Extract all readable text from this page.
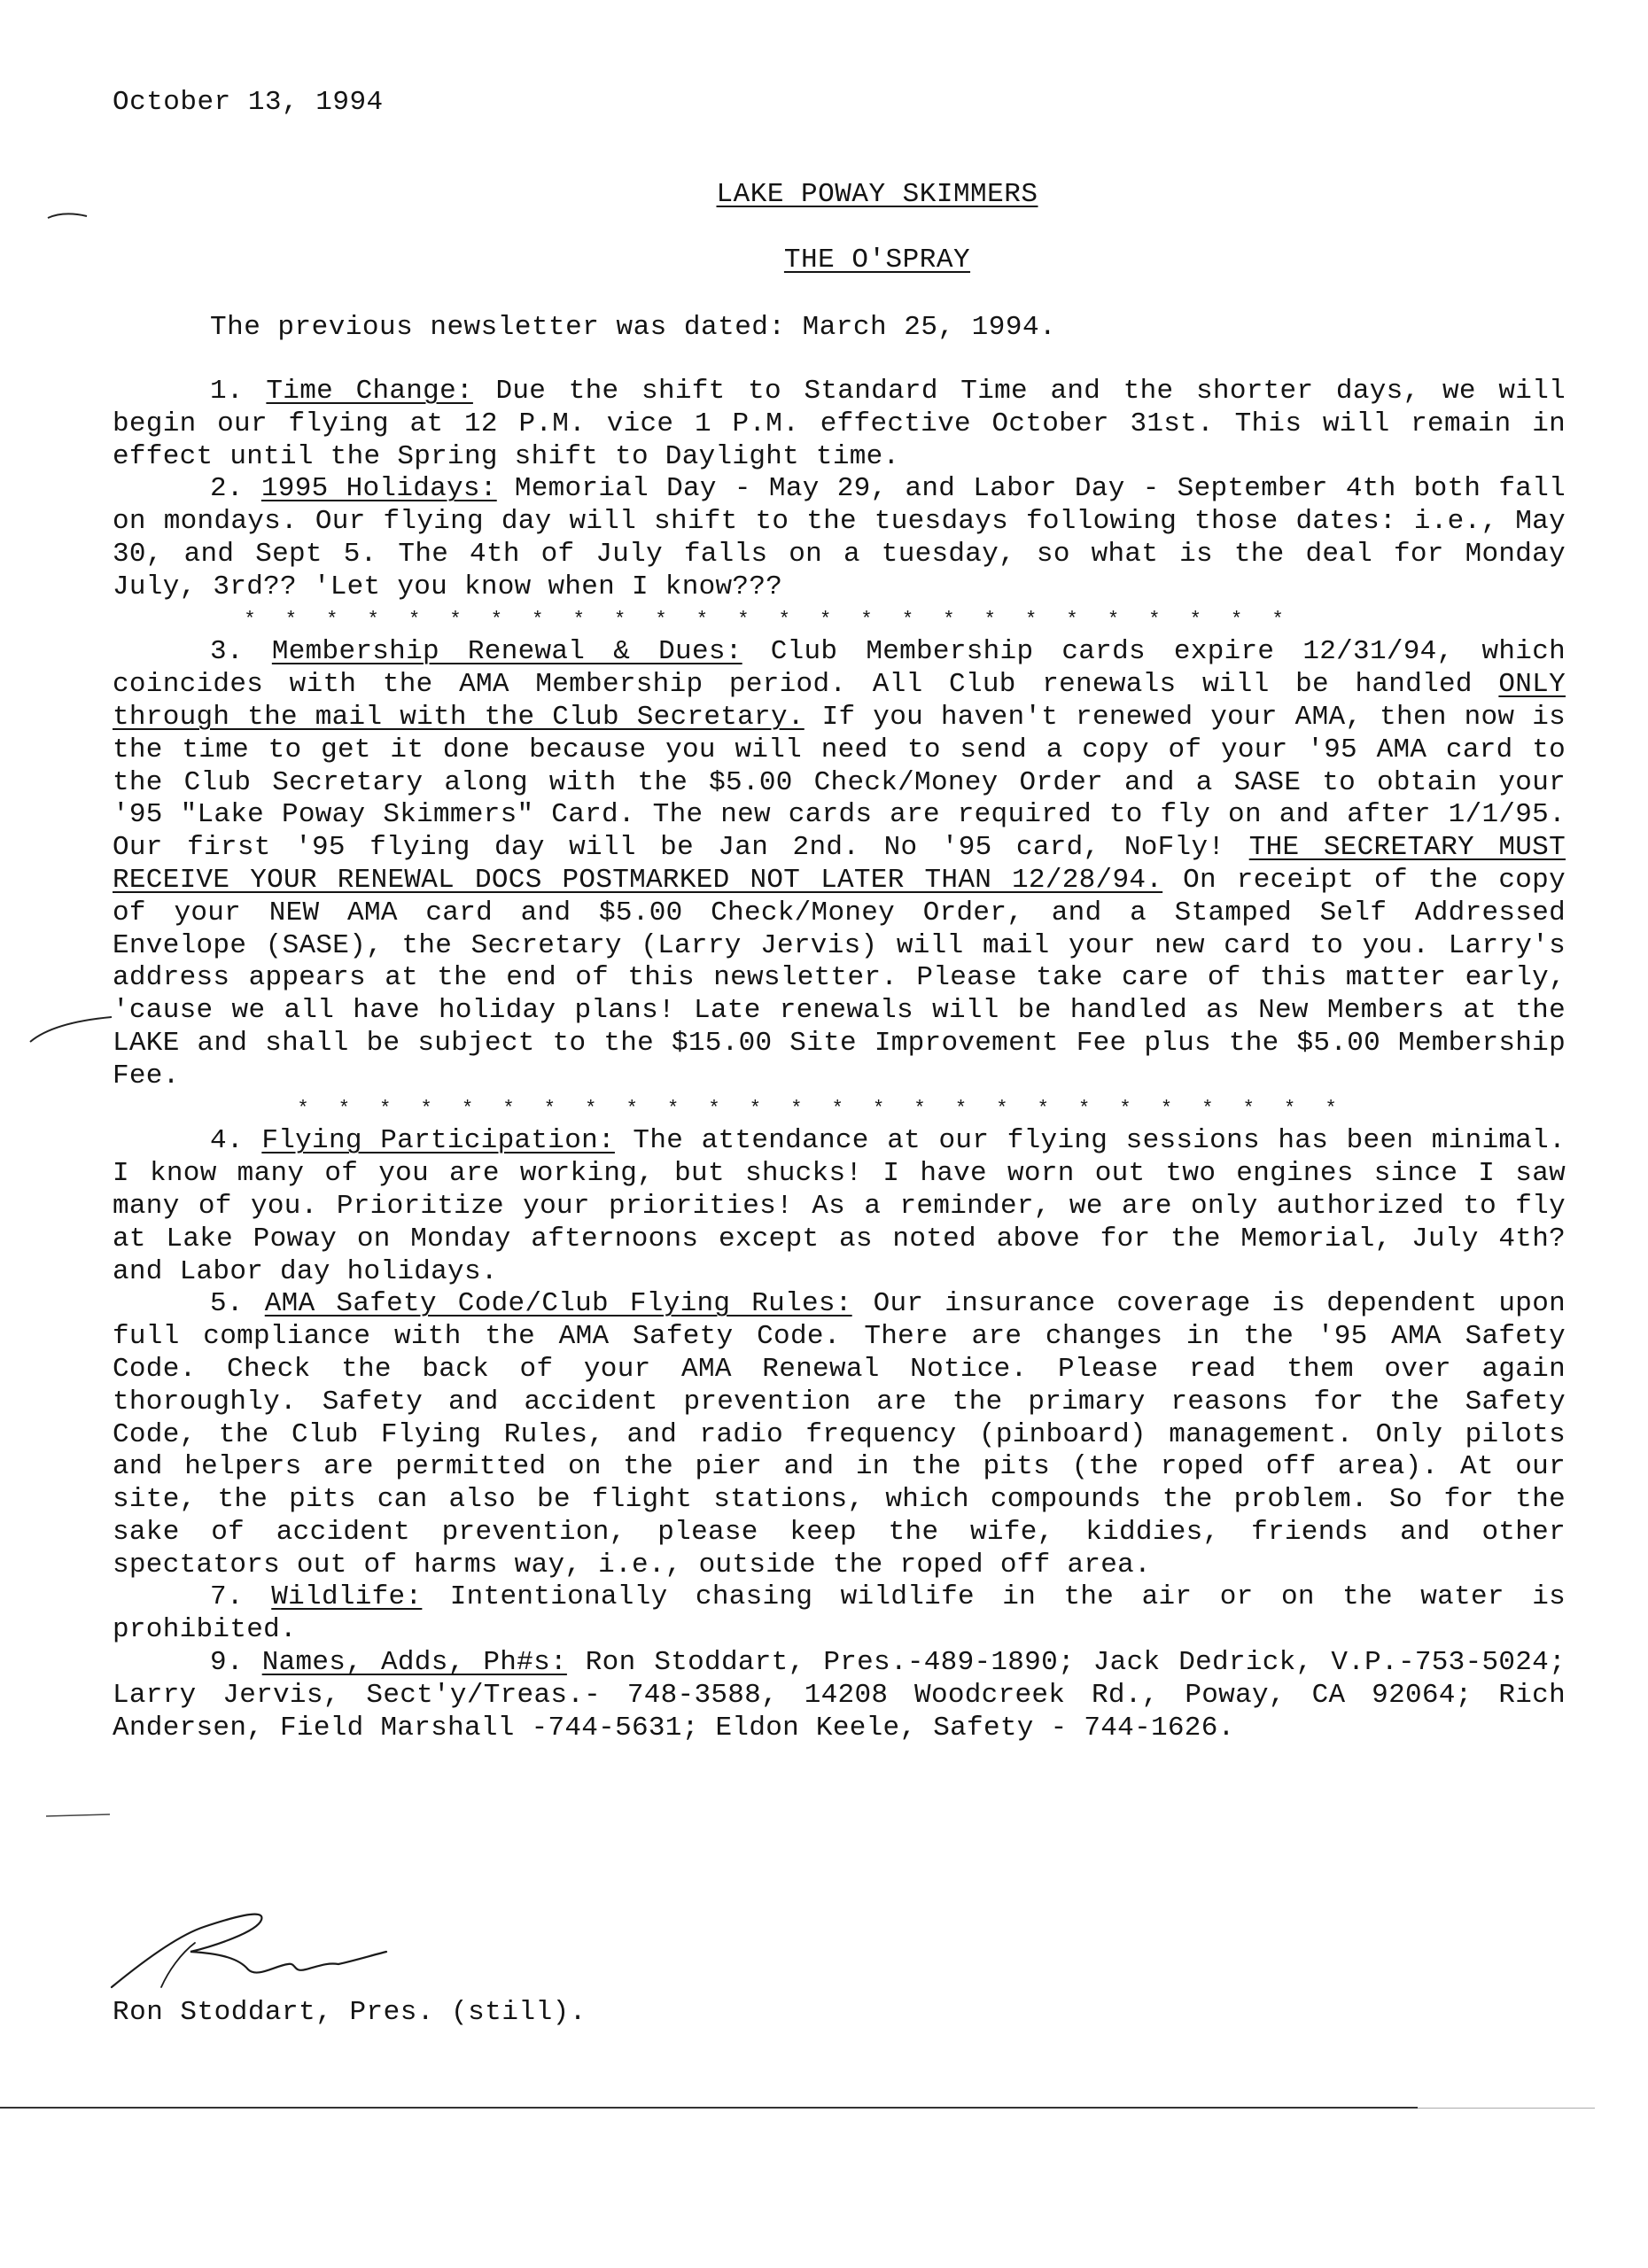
October 13, 1994
LAKE POWAY SKIMMERS
THE O'SPRAY
The previous newsletter was dated: March 25, 1994.

1. Time Change: Due the shift to Standard Time and the shorter days, we will begin our flying at 12 P.M. vice 1 P.M. effective October 31st. This will remain in effect until the Spring shift to Daylight time.

2. 1995 Holidays: Memorial Day - May 29, and Labor Day - September 4th both fall on mondays. Our flying day will shift to the tuesdays following those dates: i.e., May 30, and Sept 5. The 4th of July falls on a tuesday, so what is the deal for Monday July, 3rd?? 'Let you know when I know???

* * * * * * * * * * * * * * * * * * * * * * * * * *

3. Membership Renewal & Dues: Club Membership cards expire 12/31/94, which coincides with the AMA Membership period. All Club renewals will be handled ONLY through the mail with the Club Secretary. If you haven't renewed your AMA, then now is the time to get it done because you will need to send a copy of your '95 AMA card to the Club Secretary along with the $5.00 Check/Money Order and a SASE to obtain your '95 "Lake Poway Skimmers" Card. The new cards are required to fly on and after 1/1/95. Our first '95 flying day will be Jan 2nd. No '95 card, NoFly! THE SECRETARY MUST RECEIVE YOUR RENEWAL DOCS POSTMARKED NOT LATER THAN 12/28/94. On receipt of the copy of your NEW AMA card and $5.00 Check/Money Order, and a Stamped Self Addressed Envelope (SASE), the Secretary (Larry Jervis) will mail your new card to you. Larry's address appears at the end of this newsletter. Please take care of this matter early, 'cause we all have holiday plans! Late renewals will be handled as New Members at the LAKE and shall be subject to the $15.00 Site Improvement Fee plus the $5.00 Membership Fee.

* * * * * * * * * * * * * * * * * * * * * * * * * *

4. Flying Participation: The attendance at our flying sessions has been minimal. I know many of you are working, but shucks! I have worn out two engines since I saw many of you. Prioritize your priorities! As a reminder, we are only authorized to fly at Lake Poway on Monday afternoons except as noted above for the Memorial, July 4th? and Labor day holidays.

5. AMA Safety Code/Club Flying Rules: Our insurance coverage is dependent upon full compliance with the AMA Safety Code. There are changes in the '95 AMA Safety Code. Check the back of your AMA Renewal Notice. Please read them over again thoroughly. Safety and accident prevention are the primary reasons for the Safety Code, the Club Flying Rules, and radio frequency (pinboard) management. Only pilots and helpers are permitted on the pier and in the pits (the roped off area). At our site, the pits can also be flight stations, which compounds the problem. So for the sake of accident prevention, please keep the wife, kiddies, friends and other spectators out of harms way, i.e., outside the roped off area.

7. Wildlife: Intentionally chasing wildlife in the air or on the water is prohibited.

9. Names, Adds, Ph#s: Ron Stoddart, Pres.-489-1890; Jack Dedrick, V.P.-753-5024; Larry Jervis, Sect'y/Treas.- 748-3588, 14208 Woodcreek Rd., Poway, CA 92064; Rich Andersen, Field Marshall -744-5631; Eldon Keele, Safety - 744-1626.

Ron Stoddart, Pres. (still).
